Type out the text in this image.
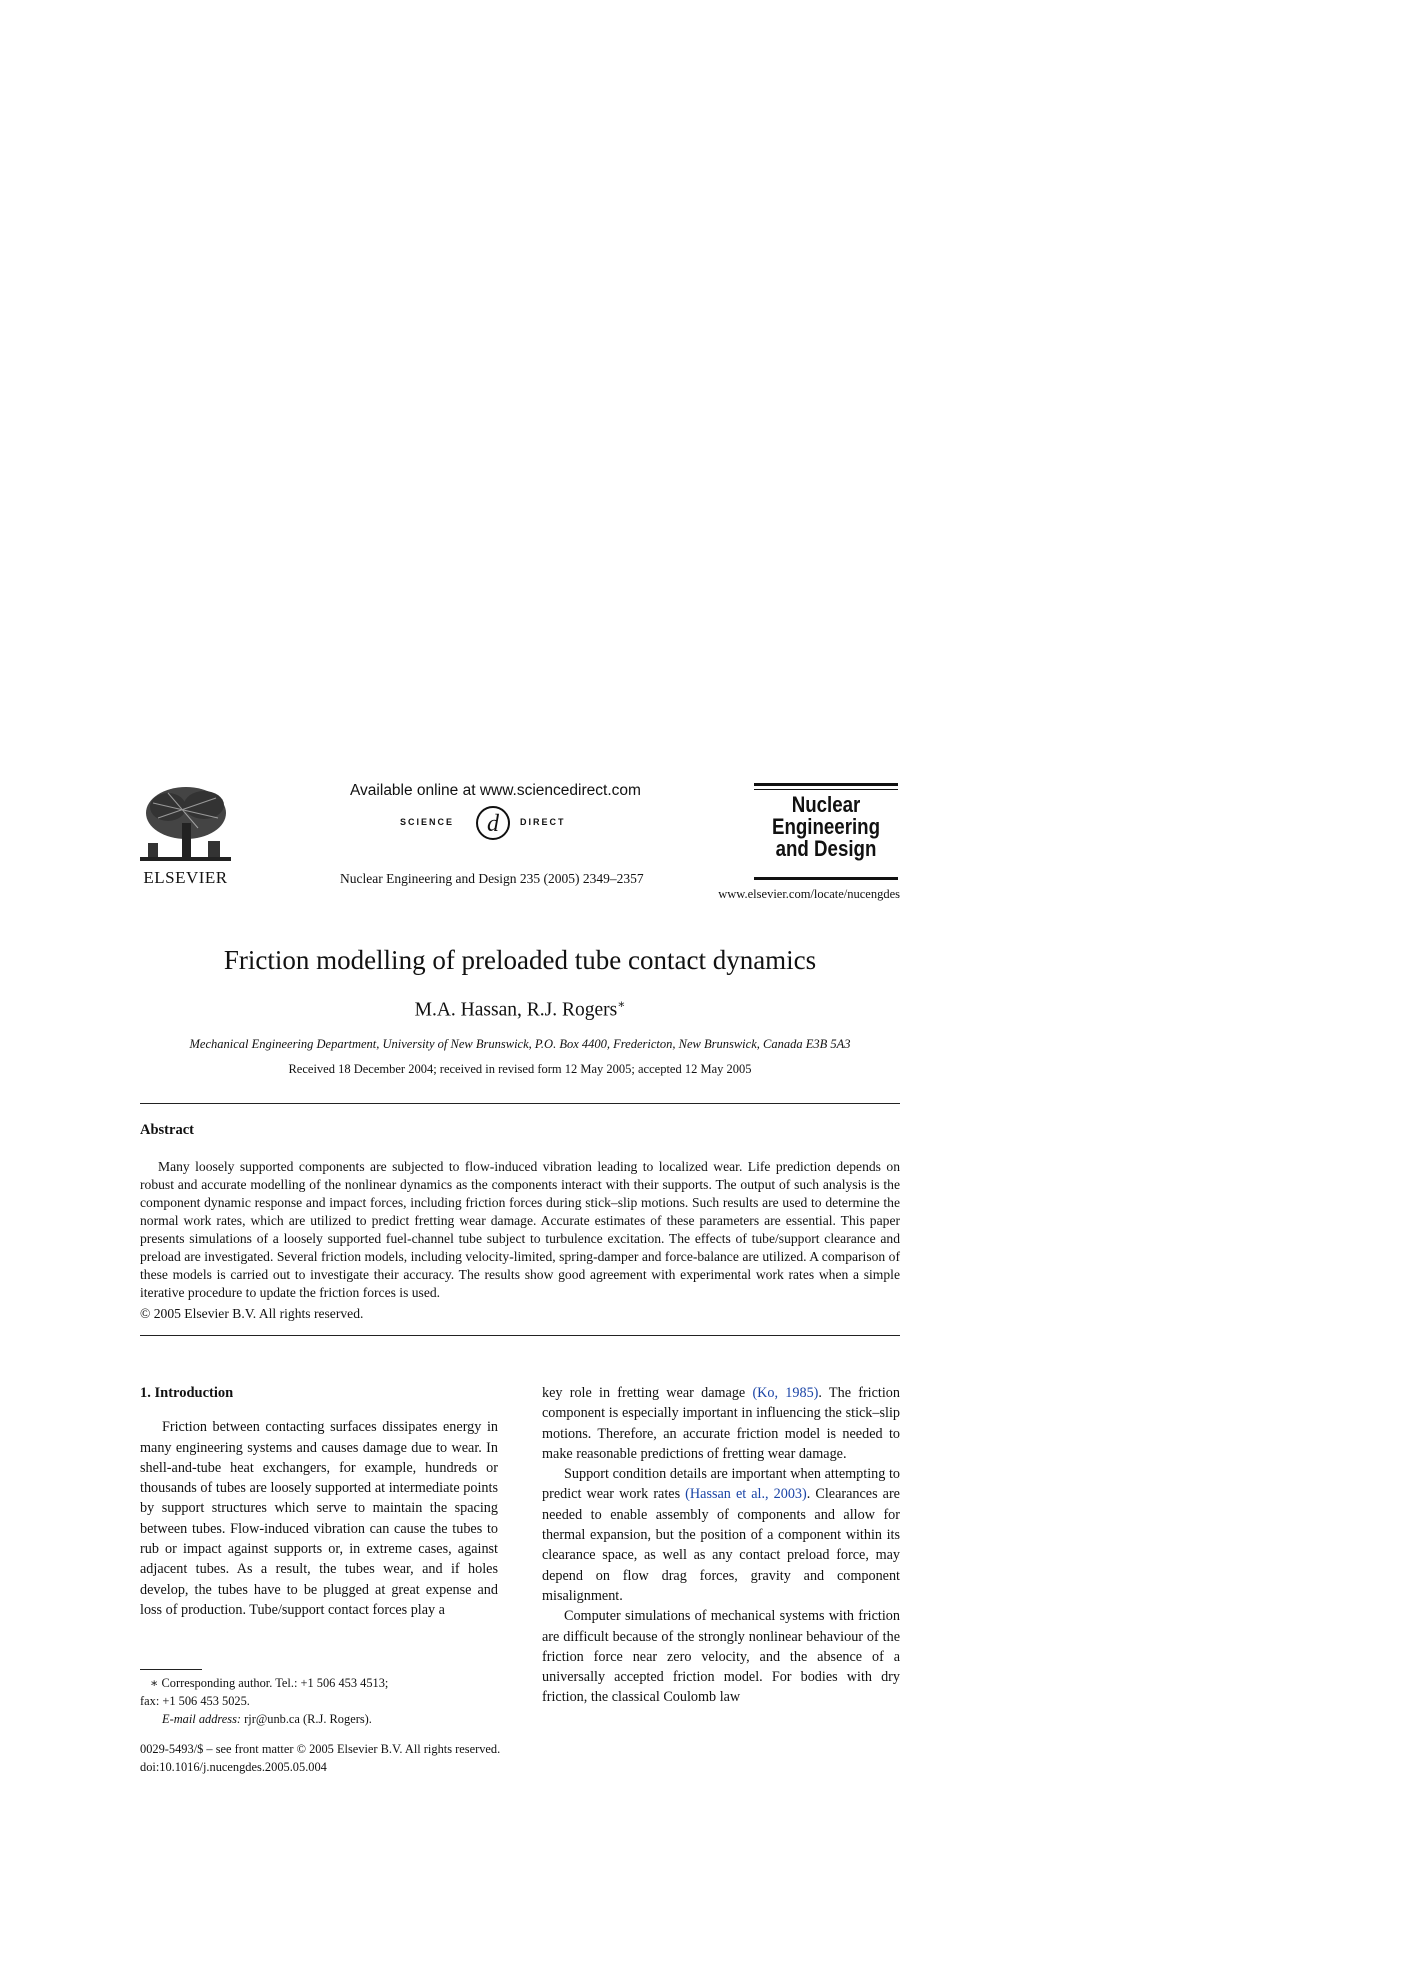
ELSEVIER
Available online at www.sciencedirect.com
SCIENCE d DIRECT
Nuclear Engineering and Design 235 (2005) 2349–2357
Nuclear
Engineering
and Design
www.elsevier.com/locate/nucengdes
Friction modelling of preloaded tube contact dynamics
M.A. Hassan, R.J. Rogers∗
Mechanical Engineering Department, University of New Brunswick, P.O. Box 4400, Fredericton, New Brunswick, Canada E3B 5A3
Received 18 December 2004; received in revised form 12 May 2005; accepted 12 May 2005
Abstract

Many loosely supported components are subjected to flow-induced vibration leading to localized wear. Life prediction depends on robust and accurate modelling of the nonlinear dynamics as the components interact with their supports. The output of such analysis is the component dynamic response and impact forces, including friction forces during stick–slip motions. Such results are used to determine the normal work rates, which are utilized to predict fretting wear damage. Accurate estimates of these parameters are essential. This paper presents simulations of a loosely supported fuel-channel tube subject to turbulence excitation. The effects of tube/support clearance and preload are investigated. Several friction models, including velocity-limited, spring-damper and force-balance are utilized. A comparison of these models is carried out to investigate their accuracy. The results show good agreement with experimental work rates when a simple iterative procedure to update the friction forces is used.

© 2005 Elsevier B.V. All rights reserved.

1. Introduction

Friction between contacting surfaces dissipates energy in many engineering systems and causes damage due to wear. In shell-and-tube heat exchangers, for example, hundreds or thousands of tubes are loosely supported at intermediate points by support structures which serve to maintain the spacing between tubes. Flow-induced vibration can cause the tubes to rub or impact against supports or, in extreme cases, against adjacent tubes. As a result, the tubes wear, and if holes develop, the tubes have to be plugged at great expense and loss of production. Tube/support contact forces play a

∗ Corresponding author. Tel.: +1 506 453 4513;
fax: +1 506 453 5025.
E-mail address: rjr@unb.ca (R.J. Rogers).
0029-5493/$ – see front matter © 2005 Elsevier B.V. All rights reserved.
doi:10.1016/j.nucengdes.2005.05.004

key role in fretting wear damage (Ko, 1985). The friction component is especially important in influencing the stick–slip motions. Therefore, an accurate friction model is needed to make reasonable predictions of fretting wear damage.

Support condition details are important when attempting to predict wear work rates (Hassan et al., 2003). Clearances are needed to enable assembly of components and allow for thermal expansion, but the position of a component within its clearance space, as well as any contact preload force, may depend on flow drag forces, gravity and component misalignment.

Computer simulations of mechanical systems with friction are difficult because of the strongly nonlinear behaviour of the friction force near zero velocity, and the absence of a universally accepted friction model. For bodies with dry friction, the classical Coulomb law
